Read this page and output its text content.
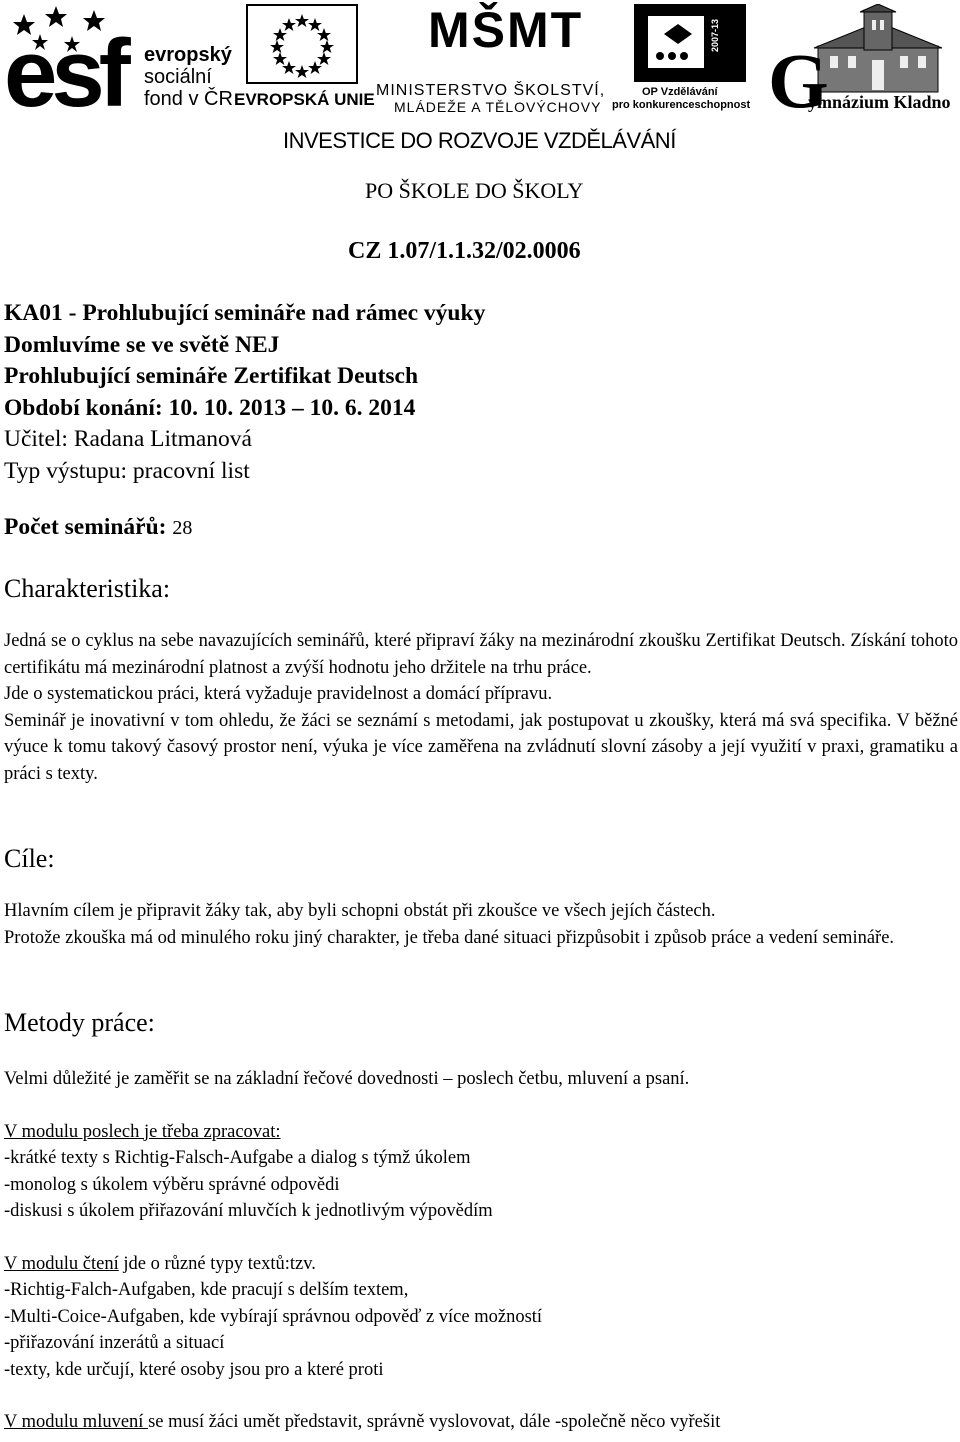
esf evropský
sociální
fond v ČR EVROPSKÁ UNIE
MŠMT
MINISTERSTVO ŠKOLSTVÍ,
MLÁDEŽE A TĚLOVÝCHOVY
2007-13
OP Vzdělávání
pro konkurenceschopnost G
ymnázium Kladno
INVESTICE DO ROZVOJE VZDĚLÁVÁNÍ
PO ŠKOLE DO ŠKOLY
CZ 1.07/1.1.32/02.0006

KA01 - Prohlubující semináře nad rámec výuky

Domluvíme se ve světě NEJ

Prohlubující semináře Zertifikat Deutsch

Období konání: 10. 10. 2013 – 10. 6. 2014

Učitel: Radana Litmanová

Typ výstupu: pracovní list

Počet seminářů: 28
Charakteristika:

Jedná se o cyklus na sebe navazujících seminářů, které připraví žáky na mezinárodní zkoušku Zertifikat Deutsch. Získání tohoto certifikátu má mezinárodní platnost a zvýší hodnotu jeho držitele na trhu práce.

Jde o systematickou práci, která vyžaduje pravidelnost a domácí přípravu.

Seminář je inovativní v tom ohledu, že žáci se seznámí s metodami, jak postupovat u zkoušky, která má svá specifika. V běžné výuce k tomu takový časový prostor není, výuka je více zaměřena na zvládnutí slovní zásoby a její využití v praxi, gramatiku a práci s texty.

Cíle:

Hlavním cílem je připravit žáky tak, aby byli schopni obstát při zkoušce ve všech jejích částech.

Protože zkouška má od minulého roku jiný charakter, je třeba dané situaci přizpůsobit i způsob práce a vedení semináře.

Metody práce:

Velmi důležité je zaměřit se na základní řečové dovednosti – poslech četbu, mluvení a psaní.

V modulu poslech je třeba zpracovat:

-krátké texty s Richtig-Falsch-Aufgabe a dialog s týmž úkolem

-monolog s úkolem výběru správné odpovědi

-diskusi s úkolem přiřazování mluvčích k jednotlivým výpovědím

V modulu čtení jde o různé typy textů:tzv.

-Richtig-Falch-Aufgaben, kde pracují s delším textem,

-Multi-Coice-Aufgaben, kde vybírají správnou odpověď z více možností

-přiřazování inzerátů a situací

-texty, kde určují, které osoby jsou pro a které proti

V modulu mluvení se musí žáci umět představit, správně vyslovovat, dále -společně něco vyřešit
